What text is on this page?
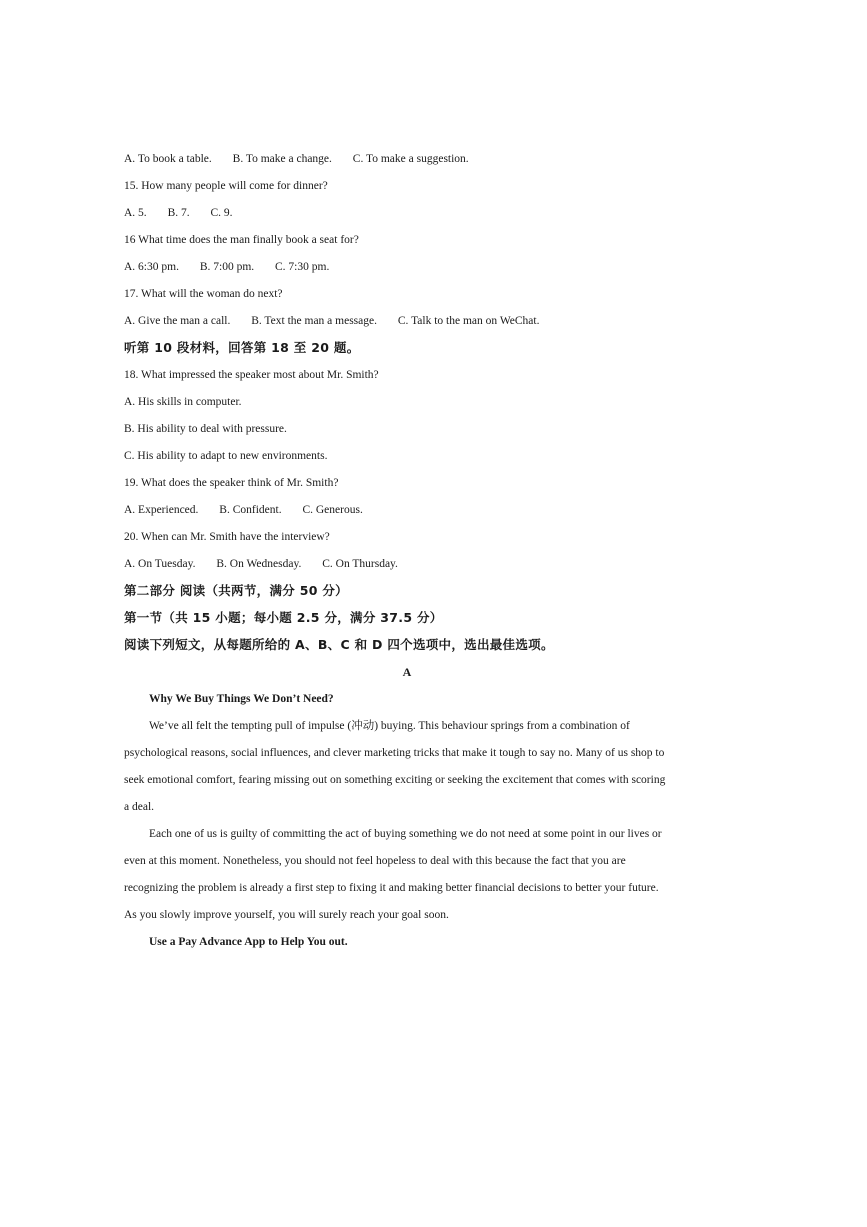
A. To book a table. B. To make a change. C. To make a suggestion.
15. How many people will come for dinner?
A. 5. B. 7. C. 9.
16 What time does the man finally book a seat for?
A. 6:30 pm. B. 7:00 pm. C. 7:30 pm.
17. What will the woman do next?
A. Give the man a call. B. Text the man a message. C. Talk to the man on WeChat.
听第 10 段材料，回答第 18 至 20 题。
18. What impressed the speaker most about Mr. Smith?
A. His skills in computer.
B. His ability to deal with pressure.
C. His ability to adapt to new environments.
19. What does the speaker think of Mr. Smith?
A. Experienced. B. Confident. C. Generous.
20. When can Mr. Smith have the interview?
A. On Tuesday. B. On Wednesday. C. On Thursday.
第二部分 阅读（共两节，满分 50 分）
第一节（共 15 小题；每小题 2.5 分，满分 37.5 分）
阅读下列短文，从每题所给的 A、B、C 和 D 四个选项中，选出最佳选项。
A
Why We Buy Things We Don’t Need?
We’ve all felt the tempting pull of impulse (冲动) buying. This behaviour springs from a combination of
psychological reasons, social influences, and clever marketing tricks that make it tough to say no. Many of us shop to
seek emotional comfort, fearing missing out on something exciting or seeking the excitement that comes with scoring
a deal.
Each one of us is guilty of committing the act of buying something we do not need at some point in our lives or
even at this moment. Nonetheless, you should not feel hopeless to deal with this because the fact that you are
recognizing the problem is already a first step to fixing it and making better financial decisions to better your future.
As you slowly improve yourself, you will surely reach your goal soon.
Use a Pay Advance App to Help You out.
